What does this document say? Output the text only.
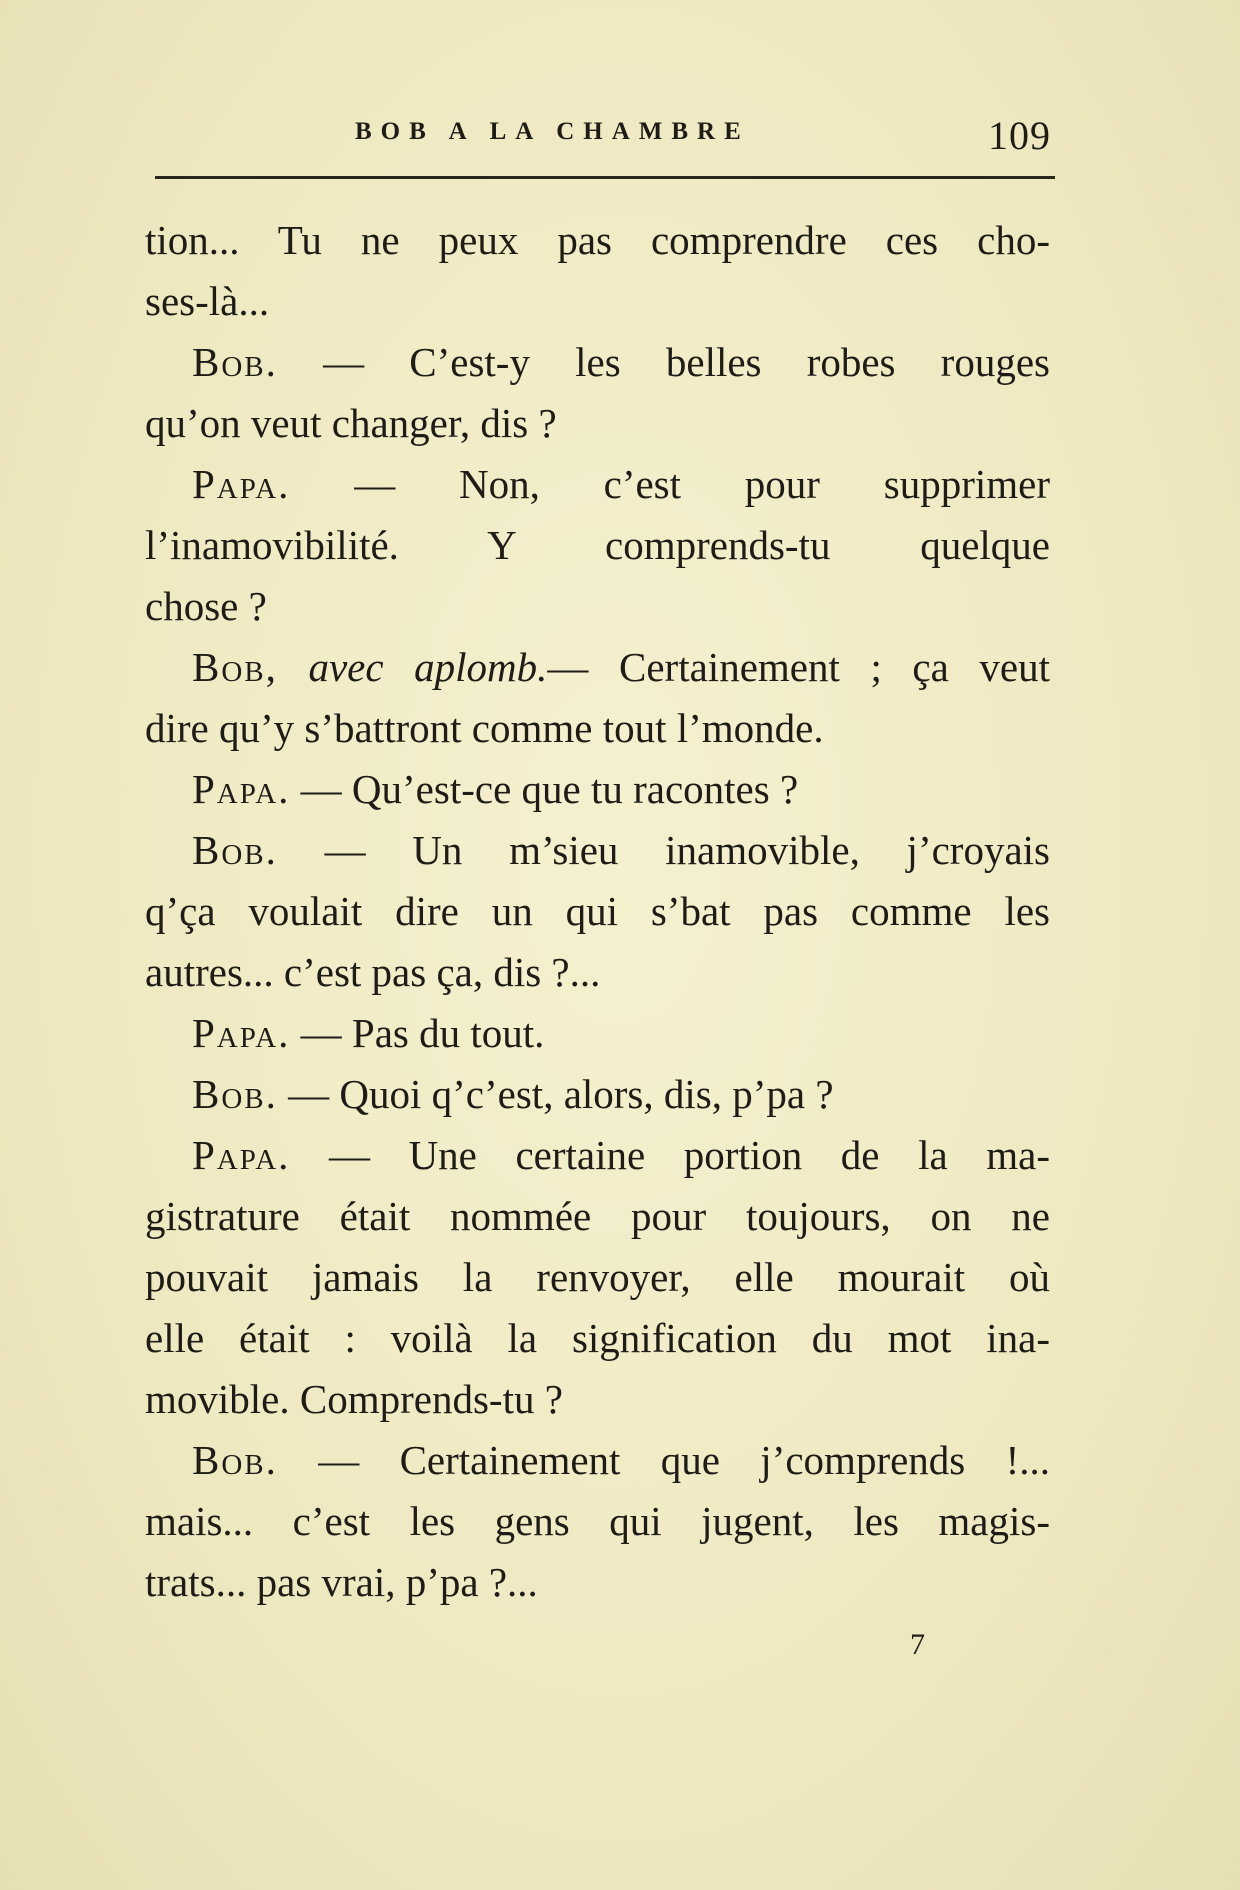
BOB A LA CHAMBRE	109
tion... Tu ne peux pas comprendre ces cho-
ses-là...
Bob. — C’est-y les belles robes rouges
qu’on veut changer, dis ?
Papa. — Non, c’est pour supprimer
l’inamovibilité. Y comprends-tu quelque
chose ?
Bob, avec aplomb.— Certainement ; ça veut
dire qu’y s’battront comme tout l’monde.
Papa. — Qu’est-ce que tu racontes ?
Bob. — Un m’sieu inamovible, j’croyais
q’ça voulait dire un qui s’bat pas comme les
autres... c’est pas ça, dis ?...
Papa. — Pas du tout.
Bob. — Quoi q’c’est, alors, dis, p’pa ?
Papa. — Une certaine portion de la ma-
gistrature était nommée pour toujours, on ne
pouvait jamais la renvoyer, elle mourait où
elle était : voilà la signification du mot ina-
movible. Comprends-tu ?
Bob. — Certainement que j’comprends !...
mais... c’est les gens qui jugent, les magis-
trats... pas vrai, p’pa ?...
7
